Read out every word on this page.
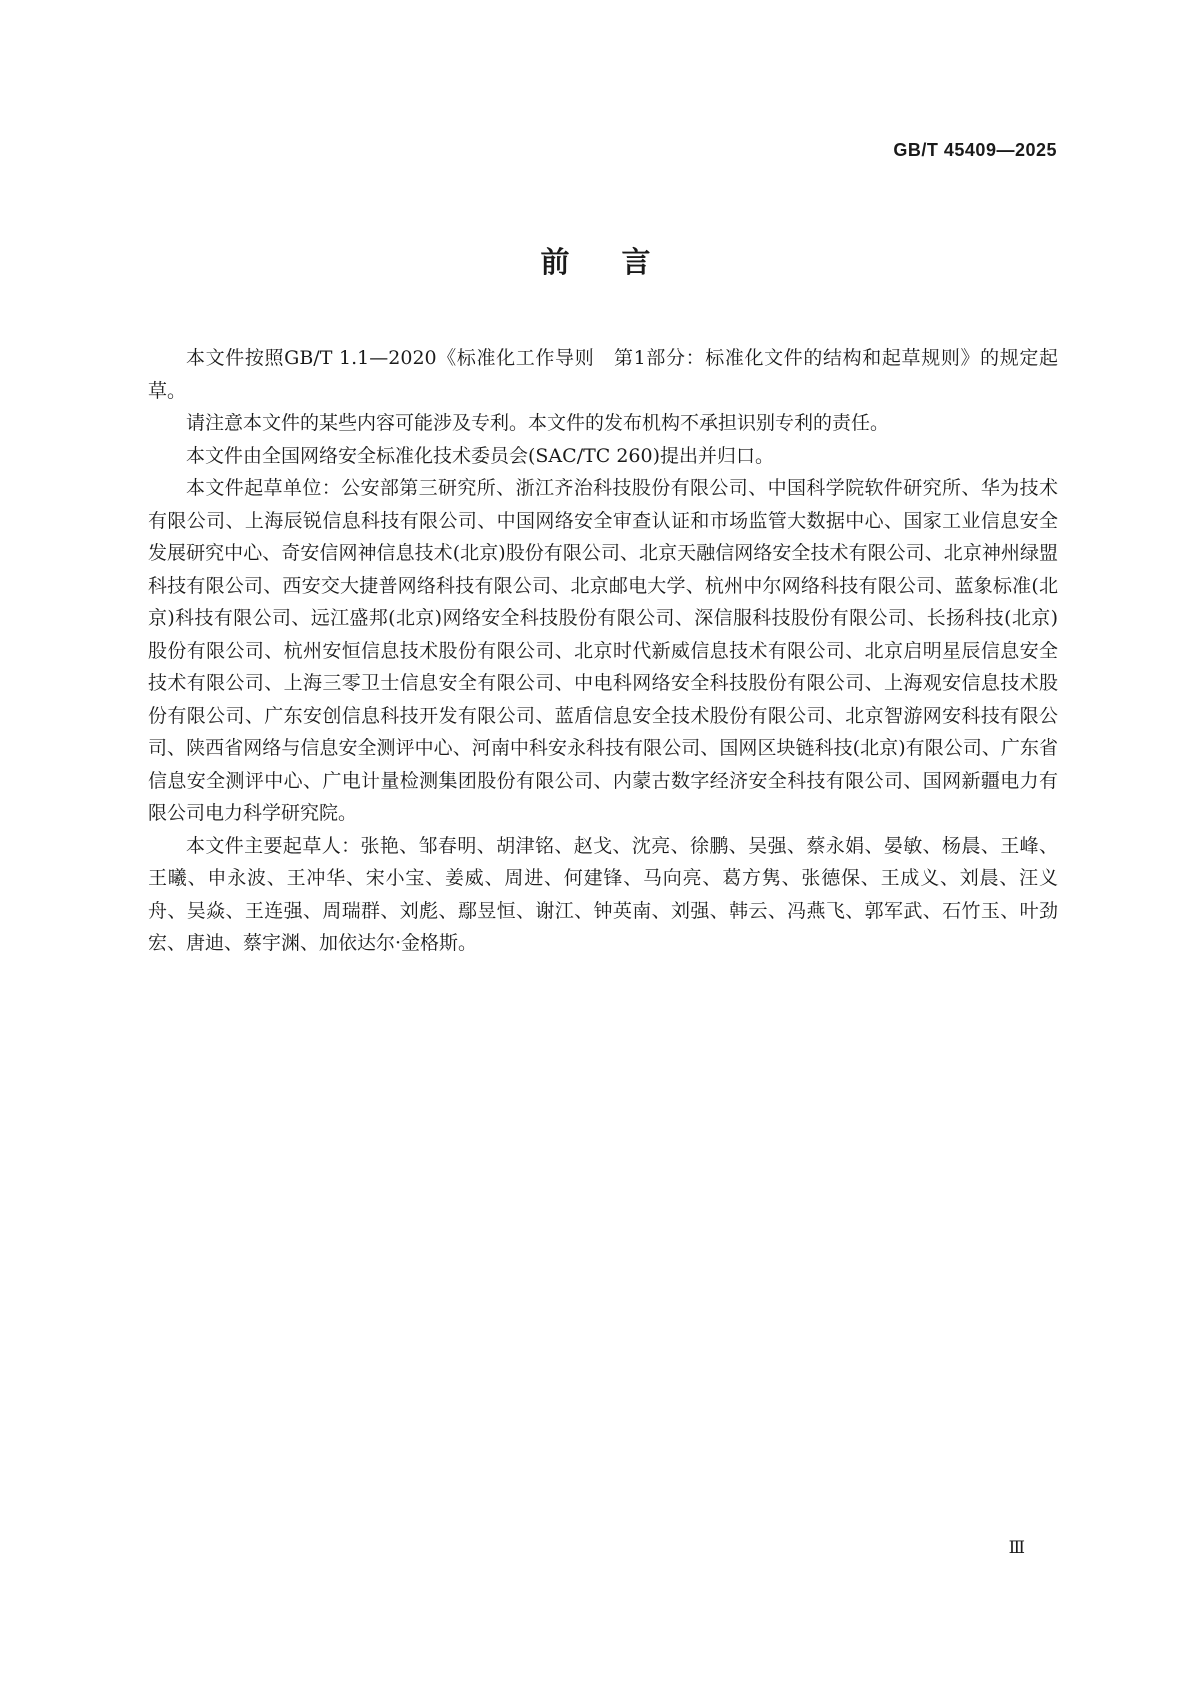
GB/T 45409—2025
前言

本文件按照GB/T 1.1—2020《标准化工作导则　第1部分：标准化文件的结构和起草规则》的规定起草。

请注意本文件的某些内容可能涉及专利。本文件的发布机构不承担识别专利的责任。

本文件由全国网络安全标准化技术委员会(SAC/TC 260)提出并归口。

本文件起草单位：公安部第三研究所、浙江齐治科技股份有限公司、中国科学院软件研究所、华为技术有限公司、上海辰锐信息科技有限公司、中国网络安全审查认证和市场监管大数据中心、国家工业信息安全发展研究中心、奇安信网神信息技术(北京)股份有限公司、北京天融信网络安全技术有限公司、北京神州绿盟科技有限公司、西安交大捷普网络科技有限公司、北京邮电大学、杭州中尔网络科技有限公司、蓝象标准(北京)科技有限公司、远江盛邦(北京)网络安全科技股份有限公司、深信服科技股份有限公司、长扬科技(北京)股份有限公司、杭州安恒信息技术股份有限公司、北京时代新威信息技术有限公司、北京启明星辰信息安全技术有限公司、上海三零卫士信息安全有限公司、中电科网络安全科技股份有限公司、上海观安信息技术股份有限公司、广东安创信息科技开发有限公司、蓝盾信息安全技术股份有限公司、北京智游网安科技有限公司、陕西省网络与信息安全测评中心、河南中科安永科技有限公司、国网区块链科技(北京)有限公司、广东省信息安全测评中心、广电计量检测集团股份有限公司、内蒙古数字经济安全科技有限公司、国网新疆电力有限公司电力科学研究院。

本文件主要起草人：张艳、邹春明、胡津铭、赵戈、沈亮、徐鹏、吴强、蔡永娟、晏敏、杨晨、王峰、王曦、申永波、王冲华、宋小宝、姜威、周进、何建锋、马向亮、葛方隽、张德保、王成义、刘晨、汪义舟、吴焱、王连强、周瑞群、刘彪、鄢昱恒、谢江、钟英南、刘强、韩云、冯燕飞、郭军武、石竹玉、叶劲宏、唐迪、蔡宇渊、加依达尔·金格斯。

Ⅲ
